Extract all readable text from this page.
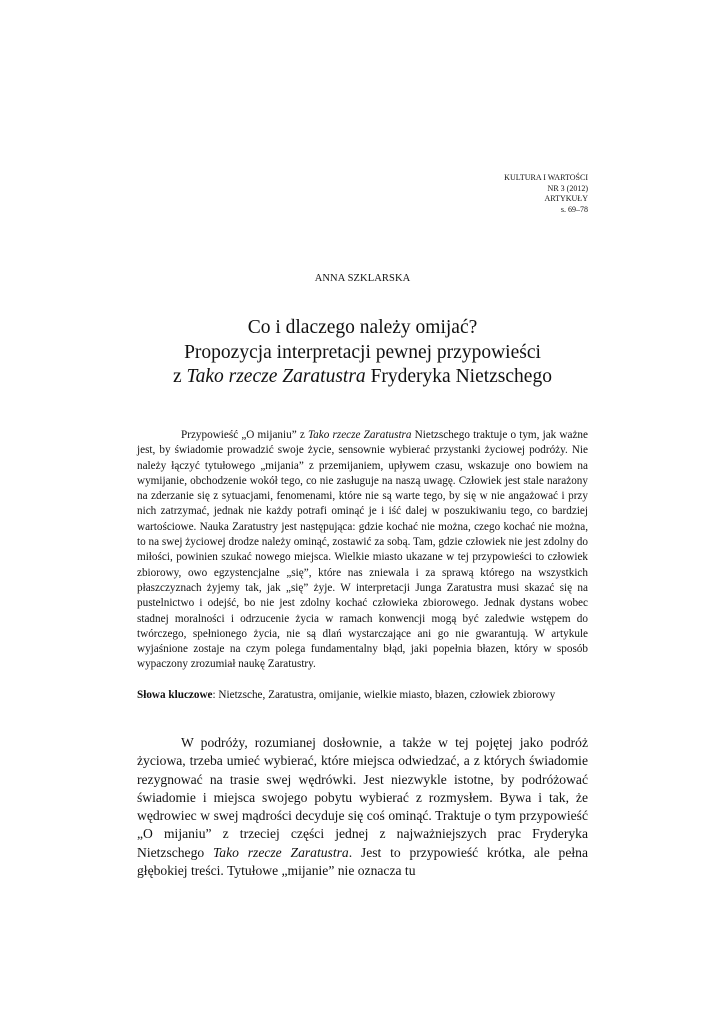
KULTURA I WARTOŚCI
NR 3 (2012)
ARTYKUŁY
s. 69–78
ANNA SZKLARSKA
Co i dlaczego należy omijać?
Propozycja interpretacji pewnej przypowieści
z Tako rzecze Zaratustra Fryderyka Nietzschego

Przypowieść „O mijaniu” z Tako rzecze Zaratustra Nietzschego traktuje o tym, jak ważne jest, by świadomie prowadzić swoje życie, sensownie wybierać przystanki życiowej podróży. Nie należy łączyć tytułowego „mijania” z przemijaniem, upływem czasu, wskazuje ono bowiem na wymijanie, obchodzenie wokół tego, co nie zasługuje na naszą uwagę. Człowiek jest stale narażony na zderzanie się z sytuacjami, fenomenami, które nie są warte tego, by się w nie angażować i przy nich zatrzymać, jednak nie każdy potrafi ominąć je i iść dalej w poszukiwaniu tego, co bardziej wartościowe. Nauka Zaratustry jest następująca: gdzie kochać nie można, czego kochać nie można, to na swej życiowej drodze należy ominąć, zostawić za sobą. Tam, gdzie człowiek nie jest zdolny do miłości, powinien szukać nowego miejsca. Wielkie miasto ukazane w tej przypowieści to człowiek zbiorowy, owo egzystencjalne „się”, które nas zniewala i za sprawą którego na wszystkich płaszczyznach żyjemy tak, jak „się” żyje. W interpretacji Junga Zaratustra musi skazać się na pustelnictwo i odejść, bo nie jest zdolny kochać człowieka zbiorowego. Jednak dystans wobec stadnej moralności i odrzucenie życia w ramach konwencji mogą być zaledwie wstępem do twórczego, spełnionego życia, nie są dlań wystarczające ani go nie gwarantują. W artykule wyjaśnione zostaje na czym polega fundamentalny błąd, jaki popełnia błazen, który w sposób wypaczony zrozumiał naukę Zaratustry.

Słowa kluczowe: Nietzsche, Zaratustra, omijanie, wielkie miasto, błazen, człowiek zbiorowy

W podróży, rozumianej dosłownie, a także w tej pojętej jako podróż życiowa, trzeba umieć wybierać, które miejsca odwiedzać, a z których świadomie rezygnować na trasie swej wędrówki. Jest niezwykle istotne, by podróżować świadomie i miejsca swojego pobytu wybierać z rozmysłem. Bywa i tak, że wędrowiec w swej mądrości decyduje się coś ominąć. Traktuje o tym przypowieść „O mijaniu” z trzeciej części jednej z najważniejszych prac Fryderyka Nietzschego Tako rzecze Zaratustra. Jest to przypowieść krótka, ale pełna głębokiej treści. Tytułowe „mijanie” nie oznacza tu
